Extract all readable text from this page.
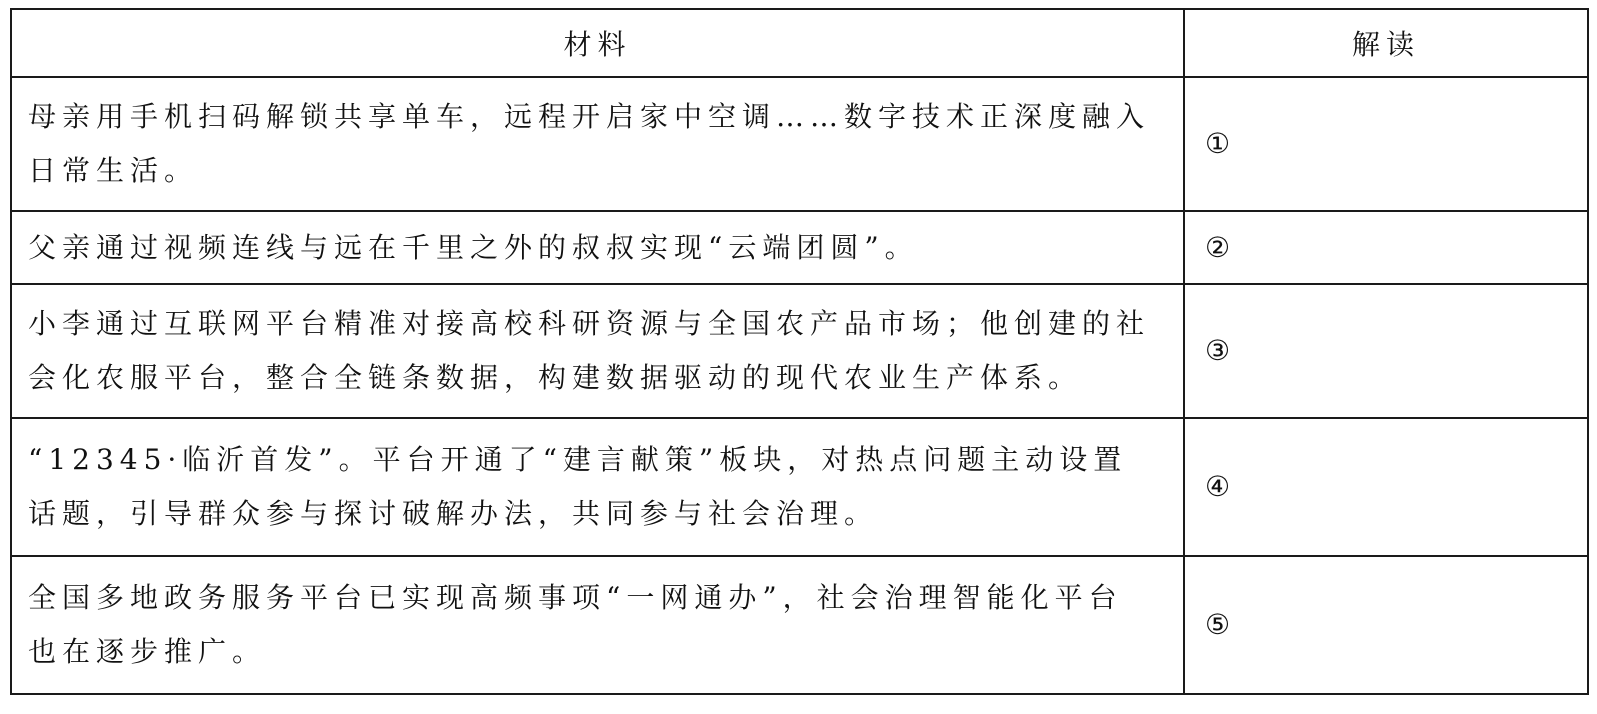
材料	解读

母亲用手机扫码解锁共享单车，远程开启家中空调……数字技术正深度融入
日常生活。	①

父亲通过视频连线与远在千里之外的叔叔实现“云端团圆”。	②

小李通过互联网平台精准对接高校科研资源与全国农产品市场；他创建的社
会化农服平台，整合全链条数据，构建数据驱动的现代农业生产体系。	③

“12345·临沂首发”。平台开通了“建言献策”板块，对热点问题主动设置
话题，引导群众参与探讨破解办法，共同参与社会治理。	④

全国多地政务服务平台已实现高频事项“一网通办”，社会治理智能化平台
也在逐步推广。	⑤
